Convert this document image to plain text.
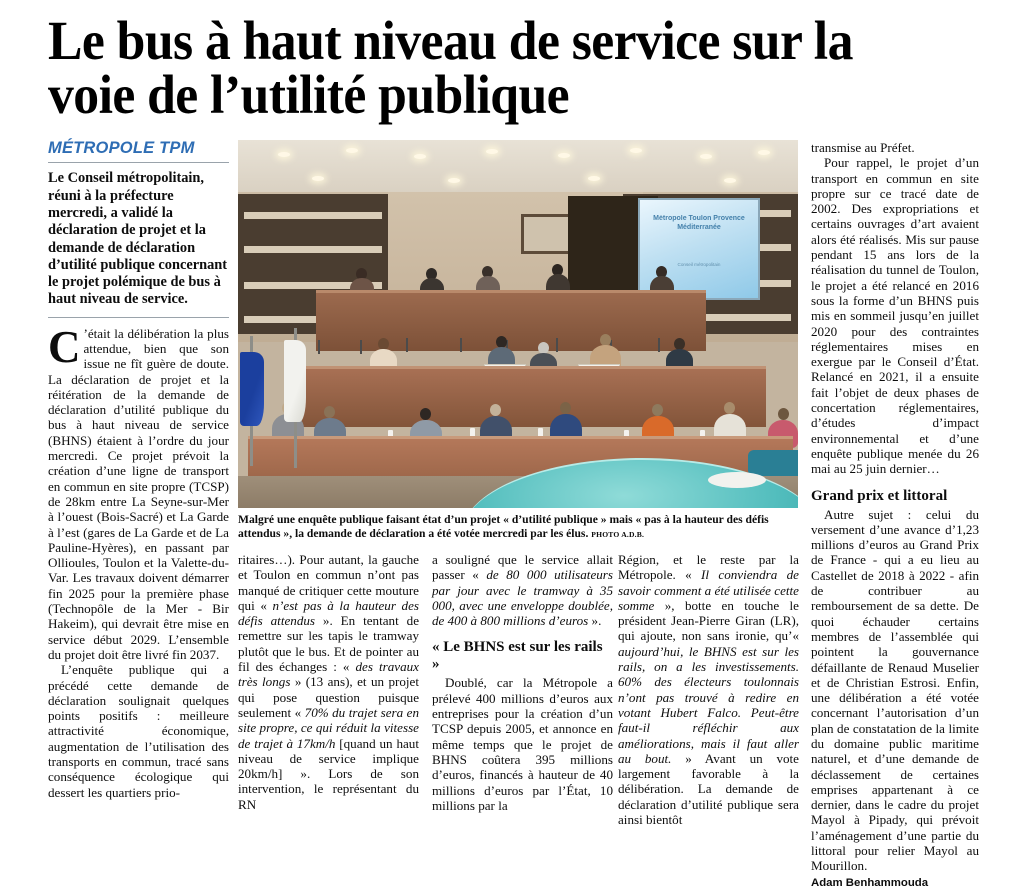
Le bus à haut niveau de service sur la voie de l’utilité publique
MÉTROPOLE TPM
Le Conseil métropolitain, réuni à la préfecture mercredi, a validé la déclaration de projet et la demande de déclaration d’utilité publique concernant le projet polémique de bus à haut niveau de service.

C ’était la délibération la plus attendue, bien que son issue ne fît guère de doute. La déclaration de projet et la réitération de la demande de déclaration d’utilité publique du bus à haut niveau de service (BHNS) étaient à l’ordre du jour mercredi. Ce projet prévoit la création d’une ligne de transport en commun en site propre (TCSP) de 28km entre La Seyne-sur-Mer à l’ouest (Bois-Sacré) et La Garde à l’est (gares de La Garde et de La Pauline-Hyères), en passant par Ollioules, Toulon et la Valette-du-Var. Les travaux doivent démarrer fin 2025 pour la première phase (Technopôle de la Mer - Bir Hakeim), qui devrait être mise en service début 2029. L’ensemble du projet doit être livré fin 2037.

L’enquête publique qui a précédé cette demande de déclaration soulignait quelques points positifs : meilleure attractivité économique, augmentation de l’utilisation des transports en commun, tracé sans conséquence écologique qui dessert les quartiers prio-

Métropole Toulon Provence Méditerranée
Conseil métropolitain
Malgré une enquête publique faisant état d’un projet « d’utilité publique » mais « pas à la hauteur des défis attendus », la demande de déclaration a été votée mercredi par les élus. PHOTO A.D.B.

ritaires…). Pour autant, la gauche et Toulon en commun n’ont pas manqué de critiquer cette mouture qui « n’est pas à la hauteur des défis attendus ». En tentant de remettre sur les tapis le tramway plutôt que le bus. Et de pointer au fil des échanges : « des travaux très longs » (13 ans), et un projet qui pose question puisque seulement « 70% du trajet sera en site propre, ce qui réduit la vitesse de trajet à 17km/h [quand un haut niveau de service implique 20km/h] ». Lors de son intervention, le représentant du RN

a souligné que le service allait passer « de 80 000 utilisateurs par jour avec le tramway à 35 000, avec une enveloppe doublée, de 400 à 800 millions d’euros ».

« Le BHNS est sur les rails »

Doublé, car la Métropole a prélevé 400 millions d’euros aux entreprises pour la création d’un TCSP depuis 2005, et annonce en même temps que le projet de BHNS coûtera 395 millions d’euros, financés à hauteur de 40 millions d’euros par l’État, 10 millions par la

Région, et le reste par la Métropole. « Il conviendra de savoir comment a été utilisée cette somme », botte en touche le président Jean-Pierre Giran (LR), qui ajoute, non sans ironie, qu’« aujourd’hui, le BHNS est sur les rails, on a les investissements. 60% des électeurs toulonnais n’ont pas trouvé à redire en votant Hubert Falco. Peut-être faut-il réfléchir aux améliorations, mais il faut aller au bout. » Avant un vote largement favorable à la délibération. La demande de déclaration d’utilité publique sera ainsi bientôt

transmise au Préfet.

Pour rappel, le projet d’un transport en commun en site propre sur ce tracé date de 2002. Des expropriations et certains ouvrages d’art avaient alors été réalisés. Mis sur pause pendant 15 ans lors de la réalisation du tunnel de Toulon, le projet a été relancé en 2016 sous la forme d’un BHNS puis mis en sommeil jusqu’en juillet 2020 pour des contraintes réglementaires mises en exergue par le Conseil d’État. Relancé en 2021, il a ensuite fait l’objet de deux phases de concertation réglementaires, d’études d’impact environnemental et d’une enquête publique menée du 26 mai au 25 juin dernier…

Grand prix et littoral

Autre sujet : celui du versement d’une avance d’1,23 millions d’euros au Grand Prix de France - qui a eu lieu au Castellet de 2018 à 2022 - afin de contribuer au remboursement de sa dette. De quoi échauder certains membres de l’assemblée qui pointent la gouvernance défaillante de Renaud Muselier et de Christian Estrosi. Enfin, une délibération a été votée concernant l’autorisation d’un plan de constatation de la limite du domaine public maritime naturel, et d’une demande de déclassement de certaines emprises appartenant à ce dernier, dans le cadre du projet Mayol à Pipady, qui prévoit l’aménagement d’une partie du littoral pour relier Mayol au Mourillon.

Adam Benhammouda
